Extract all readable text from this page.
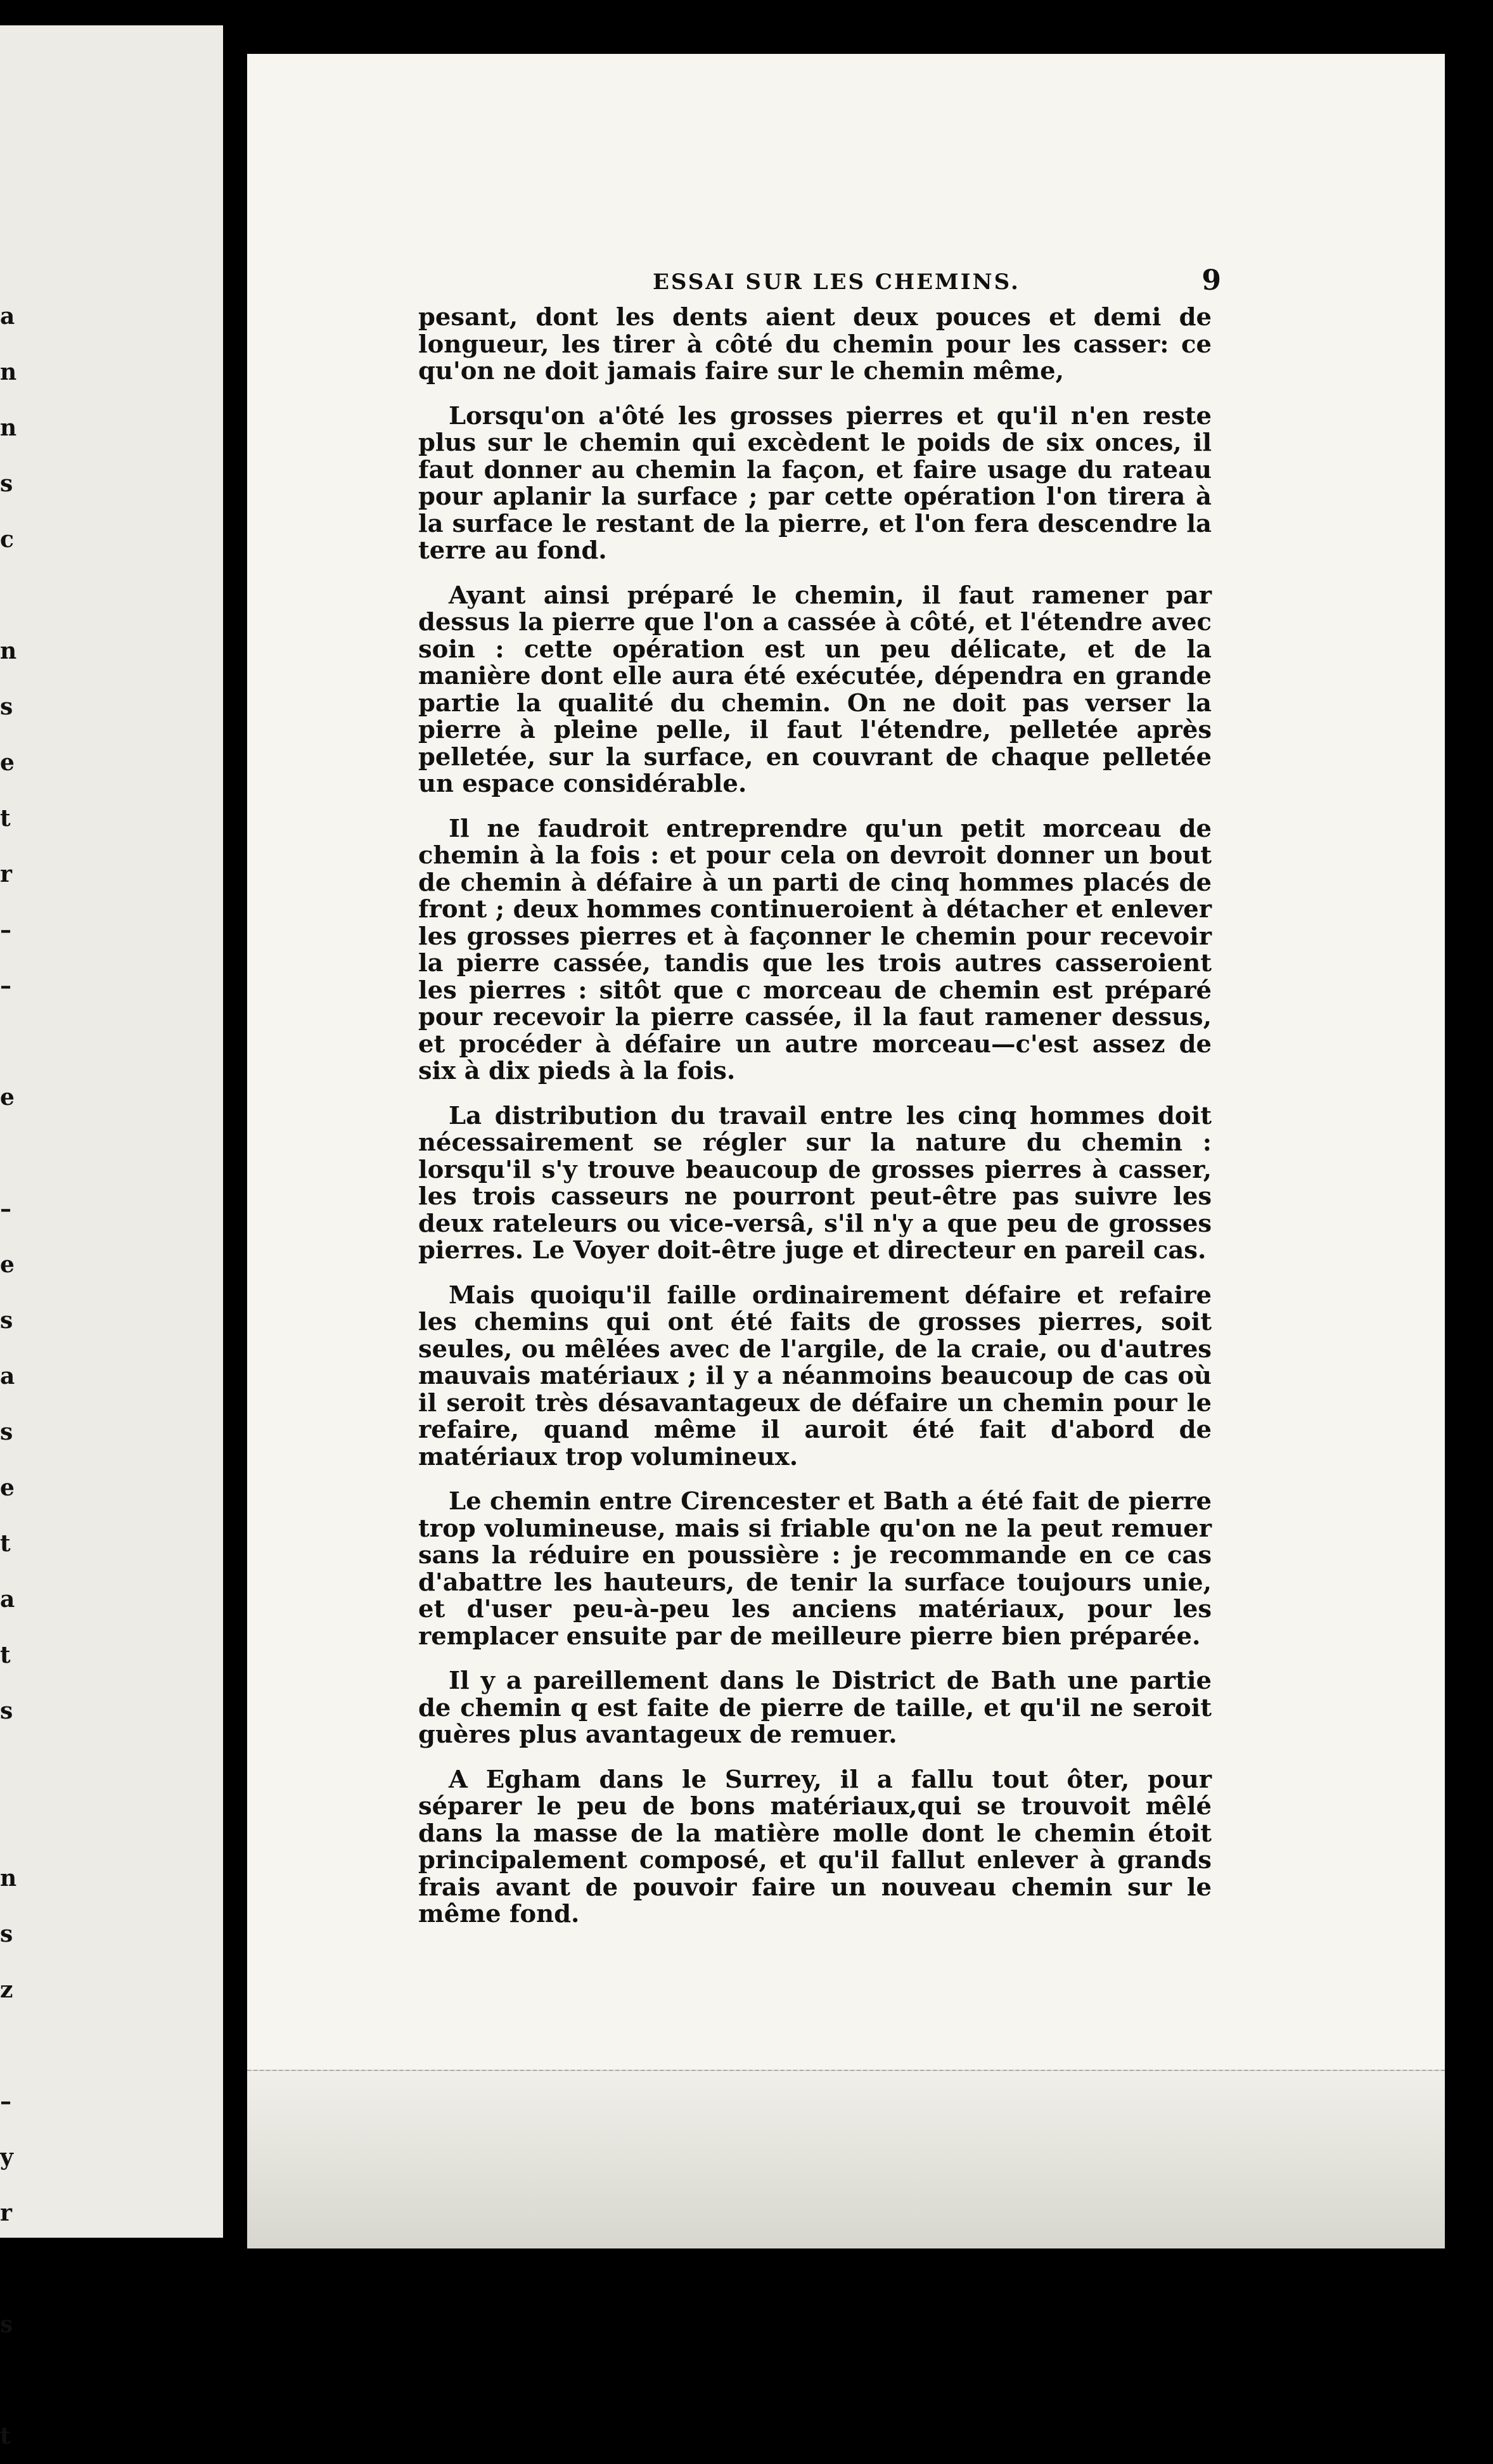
a
n
n
s
c
n
s
e
t
r
–
–
e
–
e
s
a
s
e
t
a
t
s
n
s
z
–
y
r
s
t
ESSAI SUR LES CHEMINS.	9

pesant, dont les dents aient deux pouces et demi de longueur, les tirer à côté du chemin pour les casser: ce qu'on ne doit jamais faire sur le chemin même,

Lorsqu'on a'ôté les grosses pierres et qu'il n'en reste plus sur le chemin qui excèdent le poids de six onces, il faut donner au chemin la façon, et faire usage du rateau pour aplanir la surface ; par cette opération l'on tirera à la surface le restant de la pierre, et l'on fera descendre la terre au fond.

Ayant ainsi préparé le chemin, il faut ramener par dessus la pierre que l'on a cassée à côté, et l'étendre avec soin : cette opération est un peu délicate, et de la manière dont elle aura été exécutée, dépendra en grande partie la qualité du chemin. On ne doit pas verser la pierre à pleine pelle, il faut l'étendre, pelletée après pelletée, sur la surface, en couvrant de chaque pelletée un espace considérable.

Il ne faudroit entreprendre qu'un petit morceau de chemin à la fois : et pour cela on devroit donner un bout de chemin à défaire à un parti de cinq hommes placés de front ; deux hommes continueroient à détacher et enlever les grosses pierres et à façonner le chemin pour recevoir la pierre cassée, tandis que les trois autres casseroient les pierres : sitôt que c morceau de chemin est préparé pour recevoir la pierre cassée, il la faut ramener dessus, et procéder à défaire un autre morceau—c'est assez de six à dix pieds à la fois.

La distribution du travail entre les cinq hommes doit nécessairement se régler sur la nature du chemin : lorsqu'il s'y trouve beaucoup de grosses pierres à casser, les trois casseurs ne pourront peut-être pas suivre les deux rateleurs ou vice-versâ, s'il n'y a que peu de grosses pierres. Le Voyer doit-être juge et directeur en pareil cas.

Mais quoiqu'il faille ordinairement défaire et refaire les chemins qui ont été faits de grosses pierres, soit seules, ou mêlées avec de l'argile, de la craie, ou d'autres mauvais matériaux ; il y a néanmoins beaucoup de cas où il seroit très désavantageux de défaire un chemin pour le refaire, quand même il auroit été fait d'abord de matériaux trop volumineux.

Le chemin entre Cirencester et Bath a été fait de pierre trop volumineuse, mais si friable qu'on ne la peut remuer sans la réduire en poussière : je recommande en ce cas d'abattre les hauteurs, de tenir la surface toujours unie, et d'user peu-à-peu les anciens matériaux, pour les remplacer ensuite par de meilleure pierre bien préparée.

Il y a pareillement dans le District de Bath une partie de chemin q est faite de pierre de taille, et qu'il ne seroit guères plus avantageux de remuer.

A Egham dans le Surrey, il a fallu tout ôter, pour séparer le peu de bons matériaux,qui se trouvoit mêlé dans la masse de la matière molle dont le chemin étoit principalement composé, et qu'il fallut enlever à grands frais avant de pouvoir faire un nouveau chemin sur le même fond.
